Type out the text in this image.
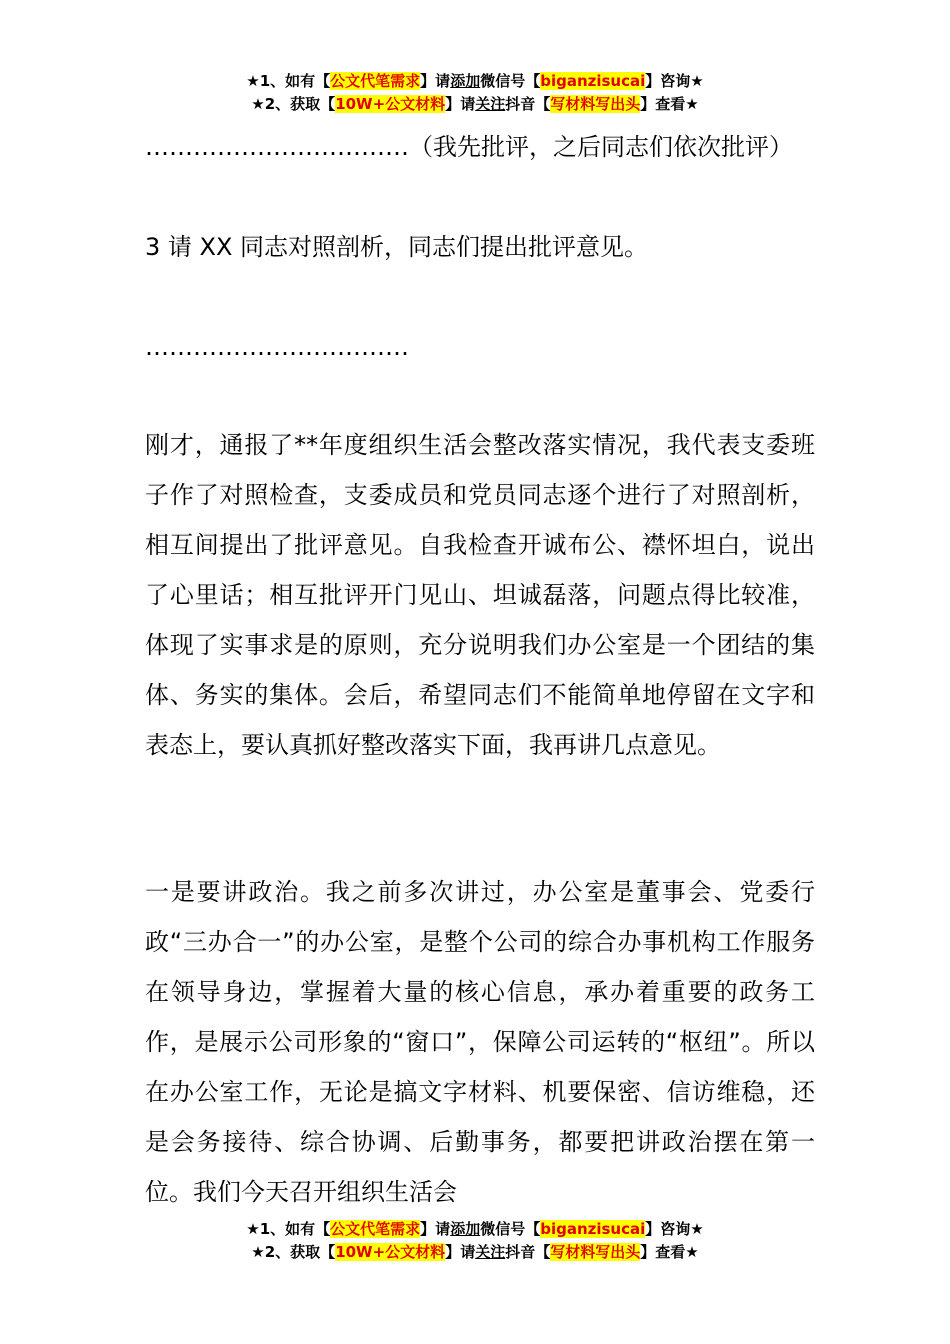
★1、如有【公文代笔需求】请添加微信号【biganzisucai】咨询★
★2、获取【10W+公文材料】请关注抖音【写材料写出头】查看★

……………………………（我先批评，之后同志们依次批评）

3 请 XX 同志对照剖析，同志们提出批评意见。

……………………………

刚才，通报了**年度组织生活会整改落实情况，我代表支委班子作了对照检查，支委成员和党员同志逐个进行了对照剖析，相互间提出了批评意见。自我检查开诚布公、襟怀坦白，说出了心里话；相互批评开门见山、坦诚磊落，问题点得比较准，体现了实事求是的原则，充分说明我们办公室是一个团结的集体、务实的集体。会后，希望同志们不能简单地停留在文字和表态上，要认真抓好整改落实下面，我再讲几点意见。

一是要讲政治。我之前多次讲过，办公室是董事会、党委行政“三办合一”的办公室，是整个公司的综合办事机构工作服务在领导身边，掌握着大量的核心信息，承办着重要的政务工作，是展示公司形象的“窗口”，保障公司运转的“枢纽”。所以在办公室工作，无论是搞文字材料、机要保密、信访维稳，还是会务接待、综合协调、后勤事务，都要把讲政治摆在第一位。我们今天召开组织生活会

★1、如有【公文代笔需求】请添加微信号【biganzisucai】咨询★
★2、获取【10W+公文材料】请关注抖音【写材料写出头】查看★
